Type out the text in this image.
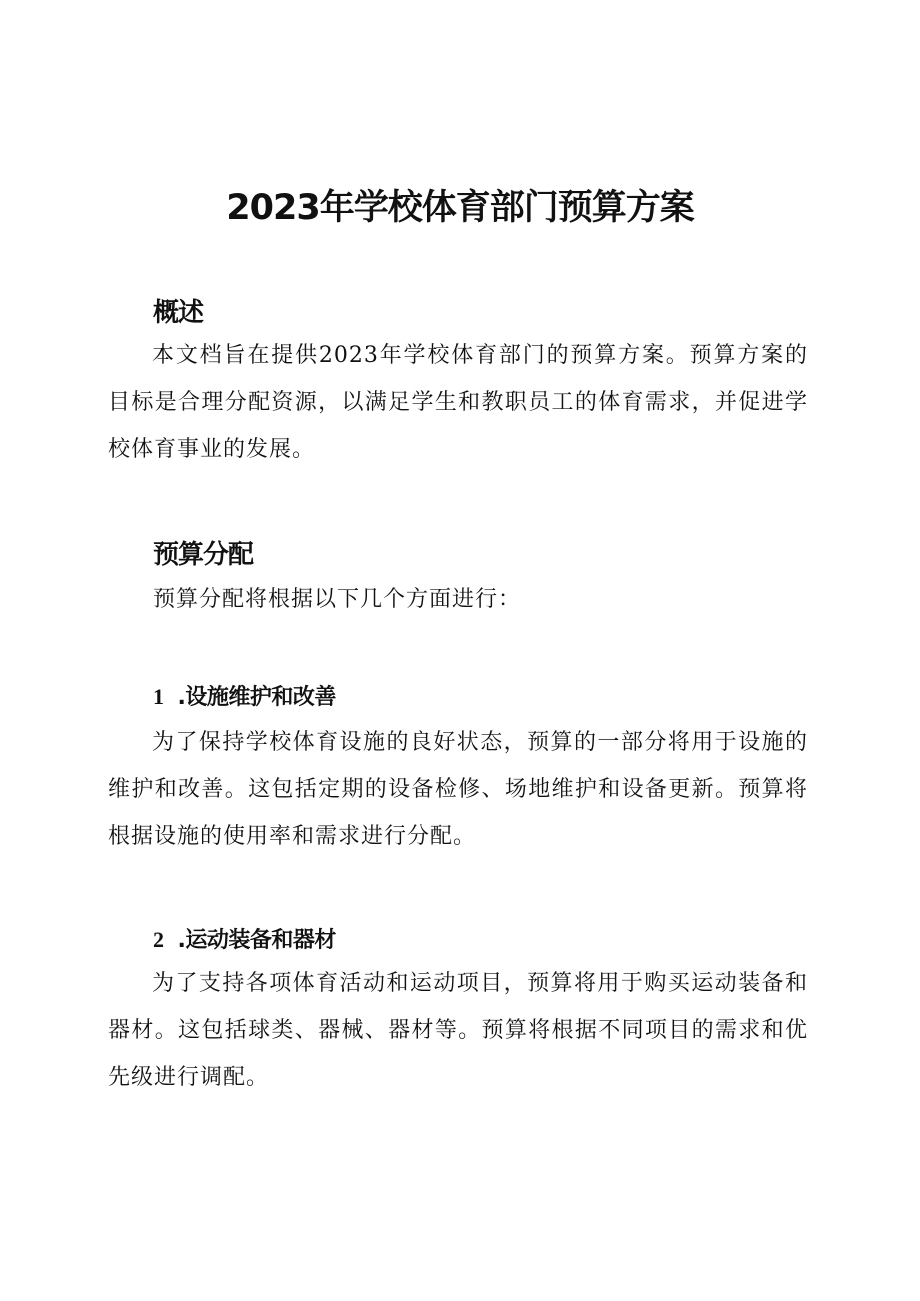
2023年学校体育部门预算方案
概述

本文档旨在提供2023年学校体育部门的预算方案。预算方案的目标是合理分配资源，以满足学生和教职员工的体育需求，并促进学校体育事业的发展。

预算分配

预算分配将根据以下几个方面进行：

1 .设施维护和改善

为了保持学校体育设施的良好状态，预算的一部分将用于设施的维护和改善。这包括定期的设备检修、场地维护和设备更新。预算将根据设施的使用率和需求进行分配。

2 .运动装备和器材

为了支持各项体育活动和运动项目，预算将用于购买运动装备和器材。这包括球类、器械、器材等。预算将根据不同项目的需求和优先级进行调配。
